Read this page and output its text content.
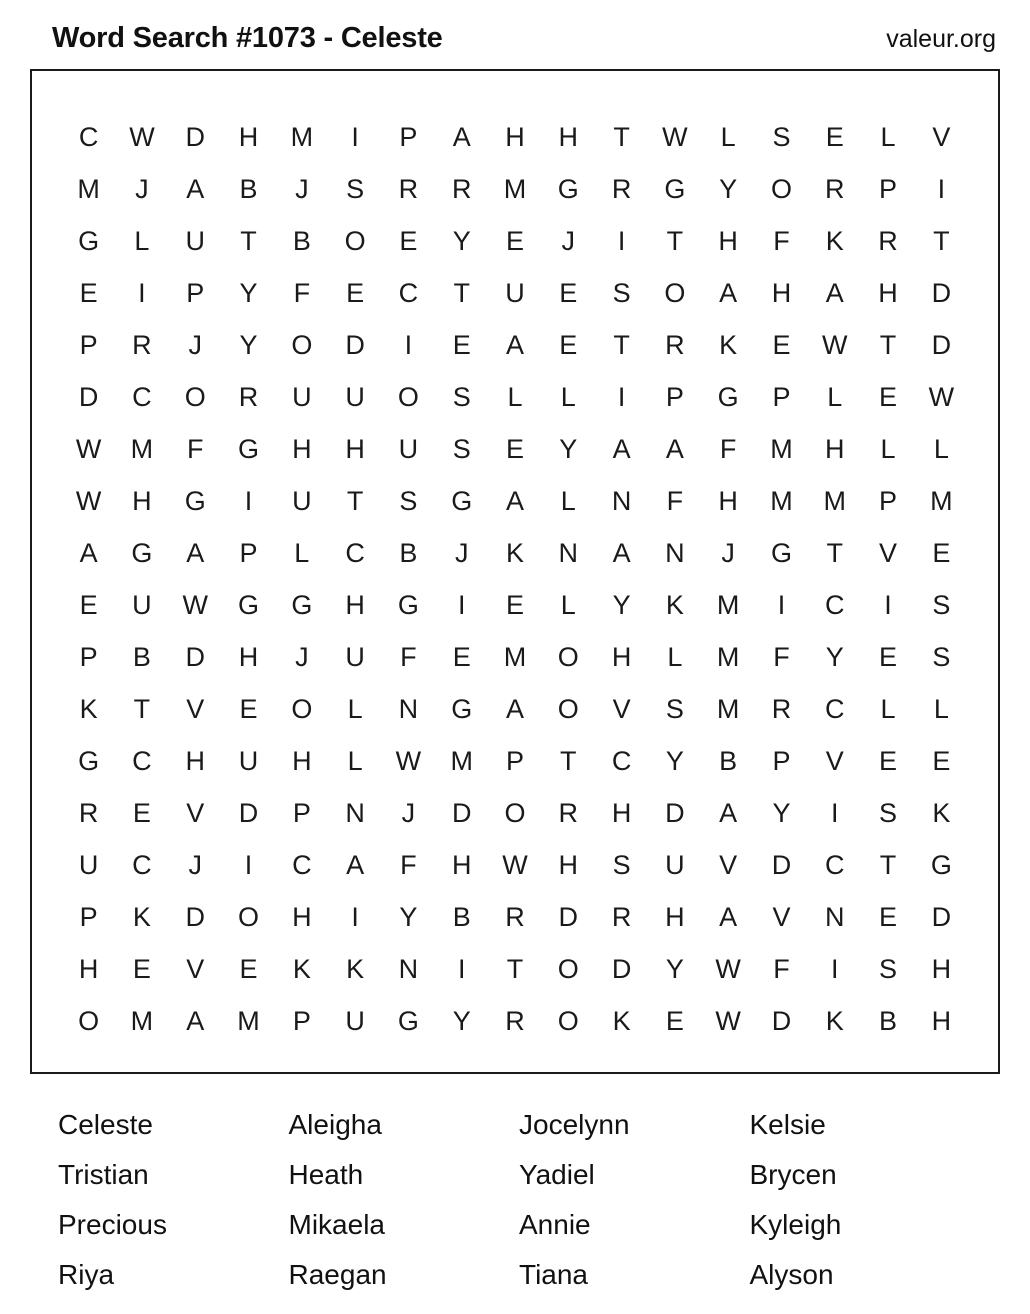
Word Search #1073 - Celeste	valeur.org
C	W	D	H	M	I	P	A	H	H	T	W	L	S	E	L	V
M	J	A	B	J	S	R	R	M	G	R	G	Y	O	R	P	I
G	L	U	T	B	O	E	Y	E	J	I	T	H	F	K	R	T
E	I	P	Y	F	E	C	T	U	E	S	O	A	H	A	H	D
P	R	J	Y	O	D	I	E	A	E	T	R	K	E	W	T	D
D	C	O	R	U	U	O	S	L	L	I	P	G	P	L	E	W
W	M	F	G	H	H	U	S	E	Y	A	A	F	M	H	L	L
W	H	G	I	U	T	S	G	A	L	N	F	H	M	M	P	M
A	G	A	P	L	C	B	J	K	N	A	N	J	G	T	V	E
E	U	W	G	G	H	G	I	E	L	Y	K	M	I	C	I	S
P	B	D	H	J	U	F	E	M	O	H	L	M	F	Y	E	S
K	T	V	E	O	L	N	G	A	O	V	S	M	R	C	L	L
G	C	H	U	H	L	W	M	P	T	C	Y	B	P	V	E	E
R	E	V	D	P	N	J	D	O	R	H	D	A	Y	I	S	K
U	C	J	I	C	A	F	H	W	H	S	U	V	D	C	T	G
P	K	D	O	H	I	Y	B	R	D	R	H	A	V	N	E	D
H	E	V	E	K	K	N	I	T	O	D	Y	W	F	I	S	H
O	M	A	M	P	U	G	Y	R	O	K	E	W	D	K	B	H
Celeste	Aleigha	Jocelynn	Kelsie
Tristian	Heath	Yadiel	Brycen
Precious	Mikaela	Annie	Kyleigh
Riya	Raegan	Tiana	Alyson
